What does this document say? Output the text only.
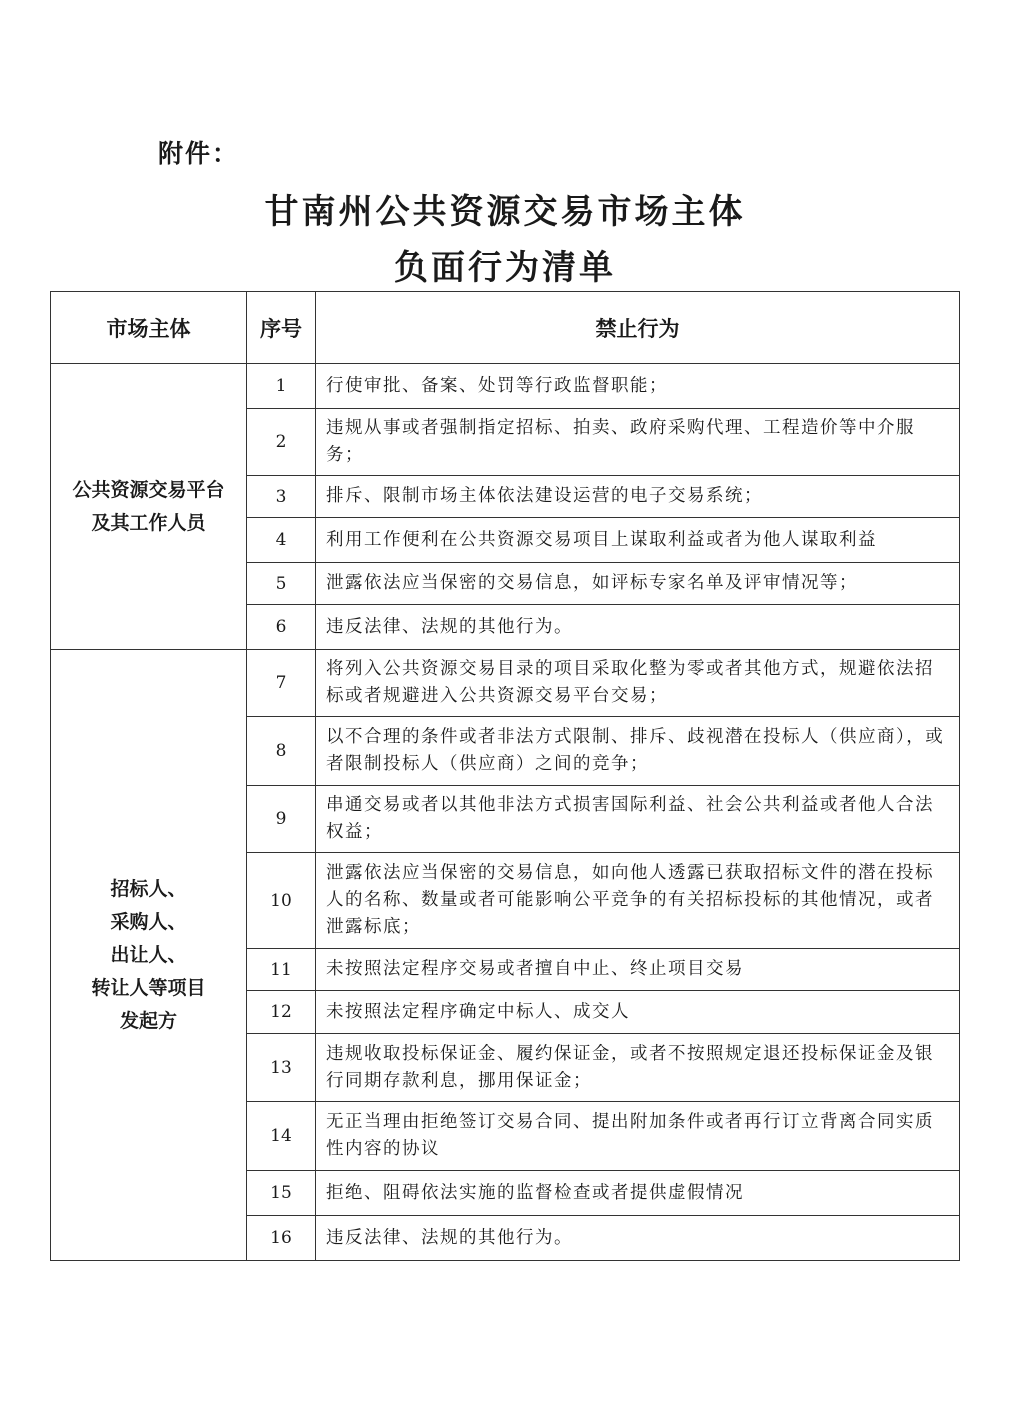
附件：
甘南州公共资源交易市场主体
负面行为清单
市场主体	序号	禁止行为

公共资源交易平台
及其工作人员	1	行使审批、备案、处罚等行政监督职能；
	2	违规从事或者强制指定招标、拍卖、政府采购代理、工程造价等中介服务；
	3	排斥、限制市场主体依法建设运营的电子交易系统；
	4	利用工作便利在公共资源交易项目上谋取利益或者为他人谋取利益
	5	泄露依法应当保密的交易信息，如评标专家名单及评审情况等；
	6	违反法律、法规的其他行为。

招标人、
采购人、
出让人、
转让人等项目
发起方	7	将列入公共资源交易目录的项目采取化整为零或者其他方式，规避依法招标或者规避进入公共资源交易平台交易；
	8	以不合理的条件或者非法方式限制、排斥、歧视潜在投标人（供应商），或者限制投标人（供应商）之间的竞争；
	9	串通交易或者以其他非法方式损害国际利益、社会公共利益或者他人合法权益；
	10	泄露依法应当保密的交易信息，如向他人透露已获取招标文件的潜在投标人的名称、数量或者可能影响公平竞争的有关招标投标的其他情况，或者泄露标底；
	11	未按照法定程序交易或者擅自中止、终止项目交易
	12	未按照法定程序确定中标人、成交人
	13	违规收取投标保证金、履约保证金，或者不按照规定退还投标保证金及银行同期存款利息，挪用保证金；
	14	无正当理由拒绝签订交易合同、提出附加条件或者再行订立背离合同实质性内容的协议
	15	拒绝、阻碍依法实施的监督检查或者提供虚假情况
	16	违反法律、法规的其他行为。
